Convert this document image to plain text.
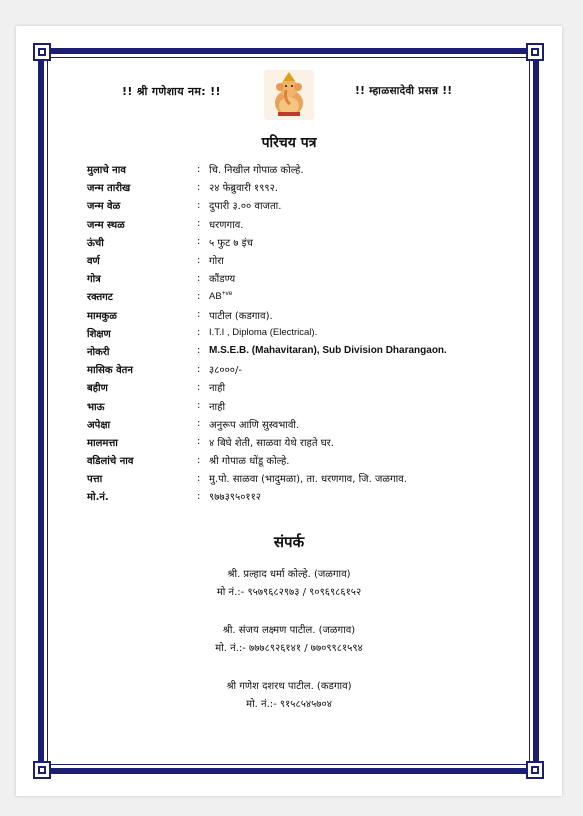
!! श्री गणेशाय नम: !!	!! म्हाळसादेवी प्रसन्न !!
परिचय पत्र
मुलाचे नाव	: चि. निखील गोपाळ कोल्हे.
जन्म तारीख	: २४ फेब्रुवारी १९९२.
जन्म वेळ	: दुपारी ३.०० वाजता.
जन्म स्थळ	: धरणगाव.
ऊंची	: ५ फुट ७ इंच
वर्ण	: गोरा
गोत्र	: कौंडण्य
रक्तगट	: $AB^{+ve}$
मामकुळ	: पाटील (कडगाव).
शिक्षण	: I.T.I , Diploma (Electrical).
नोकरी	: M.S.E.B. (Mahavitaran), Sub Division Dharangaon.
मासिक वेतन	: ३८०००/-
बहीण	: नाही
भाऊ	: नाही
अपेक्षा	: अनुरूप आणि सुस्वभावी.
मालमत्ता	: ४ बिघे शेती, साळवा येथे राहते घर.
वडिलांचे नाव	: श्री गोपाळ धोंडू कोल्हे.
पत्ता	: मु.पो. साळवा (भादुमळा), ता. धरणगाव, जि. जळगाव.
मो.नं.	: ९७७३९५०११२
संपर्क
श्री. प्रल्हाद धर्मा कोल्हे. (जळगाव)
मो नं.:- ९५७९६८२९७३ / ९०९६९८६१५२
श्री. संजय लक्ष्मण पाटील. (जळगाव)
मो. नं.:- ७७७८९२६१४१ / ७७०९९८१५९४
श्री गणेश दशरथ पाटील. (कडगाव)
मो. नं.:- ९१५८५४५७०४
